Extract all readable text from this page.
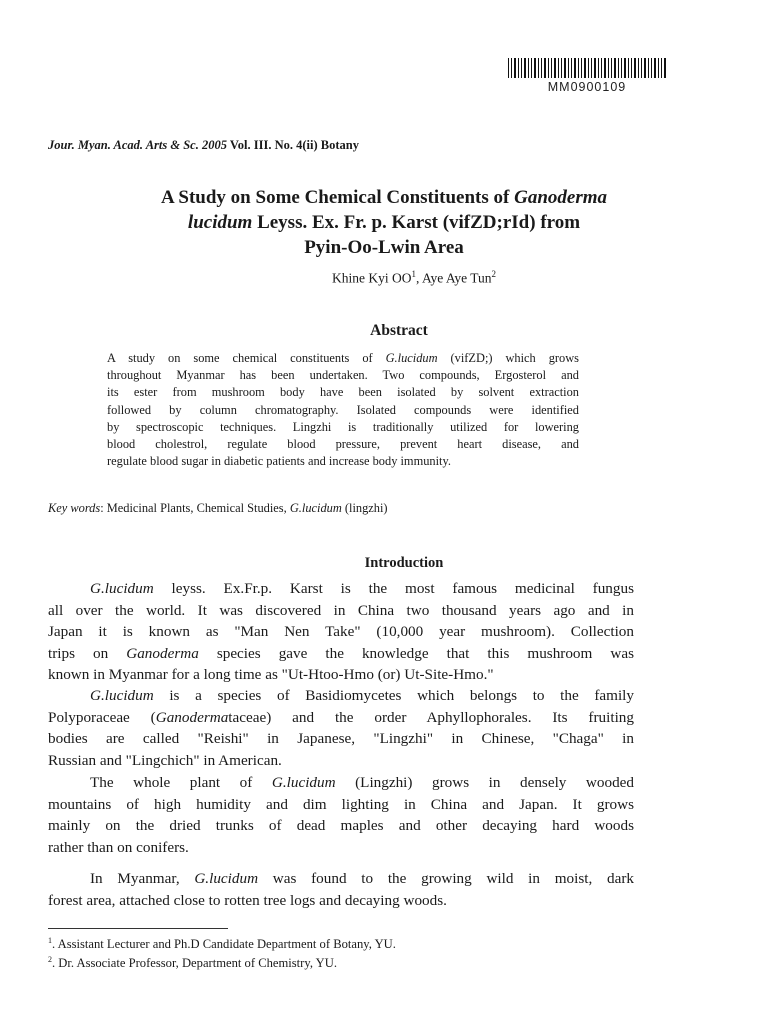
MM0900109
Jour. Myan. Acad. Arts & Sc. 2005 Vol. III. No. 4(ii) Botany
A Study on Some Chemical Constituents of Ganoderma
lucidum Leyss. Ex. Fr. p. Karst (vifZD;rId) from
Pyin-Oo-Lwin Area
Khine Kyi $OO^1$, Aye Aye Tun$^2$
Abstract
A study on some chemical constituents of G.lucidum (vifZD;) which grows
throughout Myanmar has been undertaken. Two compounds, Ergosterol and
its ester from mushroom body have been isolated by solvent extraction
followed by column chromatography. Isolated compounds were identified
by spectroscopic techniques. Lingzhi is traditionally utilized for lowering
blood cholestrol, regulate blood pressure, prevent heart disease, and
regulate blood sugar in diabetic patients and increase body immunity.
Key words: Medicinal Plants, Chemical Studies, G.lucidum (lingzhi)
Introduction
G.lucidum leyss. Ex.Fr.p. Karst is the most famous medicinal fungus
all over the world. It was discovered in China two thousand years ago and in
Japan it is known as "Man Nen Take" (10,000 year mushroom). Collection
trips on Ganoderma species gave the knowledge that this mushroom was
known in Myanmar for a long time as "Ut-Htoo-Hmo (or) Ut-Site-Hmo."
G.lucidum is a species of Basidiomycetes which belongs to the family
Polyporaceae (Ganodermataceae) and the order Aphyllophorales. Its fruiting
bodies are called "Reishi" in Japanese, "Lingzhi" in Chinese, "Chaga" in
Russian and "Lingchich" in American.
The whole plant of G.lucidum (Lingzhi) grows in densely wooded
mountains of high humidity and dim lighting in China and Japan. It grows
mainly on the dried trunks of dead maples and other decaying hard woods
rather than on conifers.
In Myanmar, G.lucidum was found to the growing wild in moist, dark
forest area, attached close to rotten tree logs and decaying woods.
$^1$. Assistant Lecturer and Ph.D Candidate Department of Botany, YU.
$^2$. Dr. Associate Professor, Department of Chemistry, YU.
